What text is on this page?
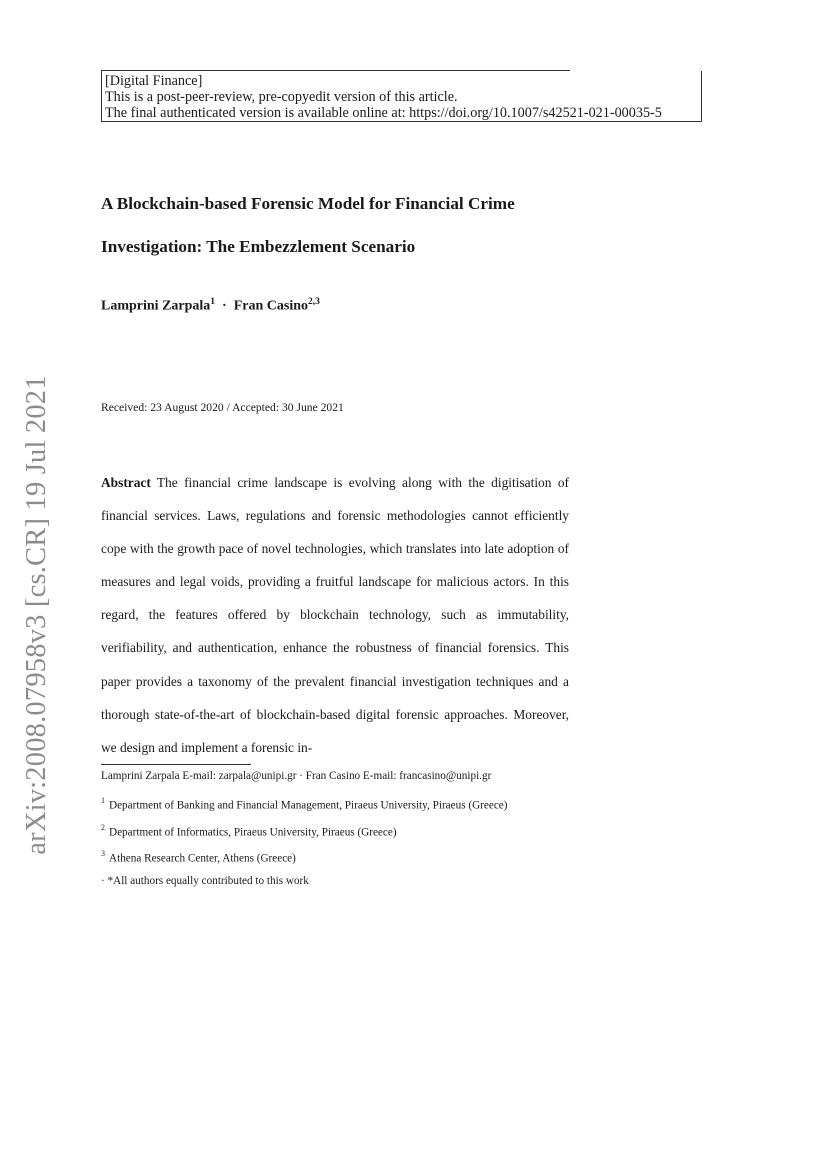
arXiv:2008.07958v3 [cs.CR] 19 Jul 2021
[Digital Finance]
This is a post-peer-review, pre-copyedit version of this article.
The final authenticated version is available online at: https://doi.org/10.1007/s42521-021-00035-5
A Blockchain-based Forensic Model for Financial Crime
Investigation: The Embezzlement Scenario
Lamprini Zarpala$^1$ · Fran Casino$^{2,3}$
Received: 23 August 2020 / Accepted: 30 June 2021
Abstract The financial crime landscape is evolving along with the digitisation of financial services. Laws, regulations and forensic methodologies cannot efficiently cope with the growth pace of novel technologies, which translates into late adoption of measures and legal voids, providing a fruitful landscape for malicious actors. In this regard, the features offered by blockchain technology, such as immutability, verifiability, and authentication, enhance the robustness of financial forensics. This paper provides a taxonomy of the prevalent financial investigation techniques and a thorough state-of-the-art of blockchain-based digital forensic approaches. Moreover, we design and implement a forensic in-
Lamprini Zarpala E-mail: zarpala@unipi.gr · Fran Casino E-mail: francasino@unipi.gr
$^1$ Department of Banking and Financial Management, Piraeus University, Piraeus (Greece)
$^2$ Department of Informatics, Piraeus University, Piraeus (Greece)
$^3$ Athena Research Center, Athens (Greece)
· *All authors equally contributed to this work
